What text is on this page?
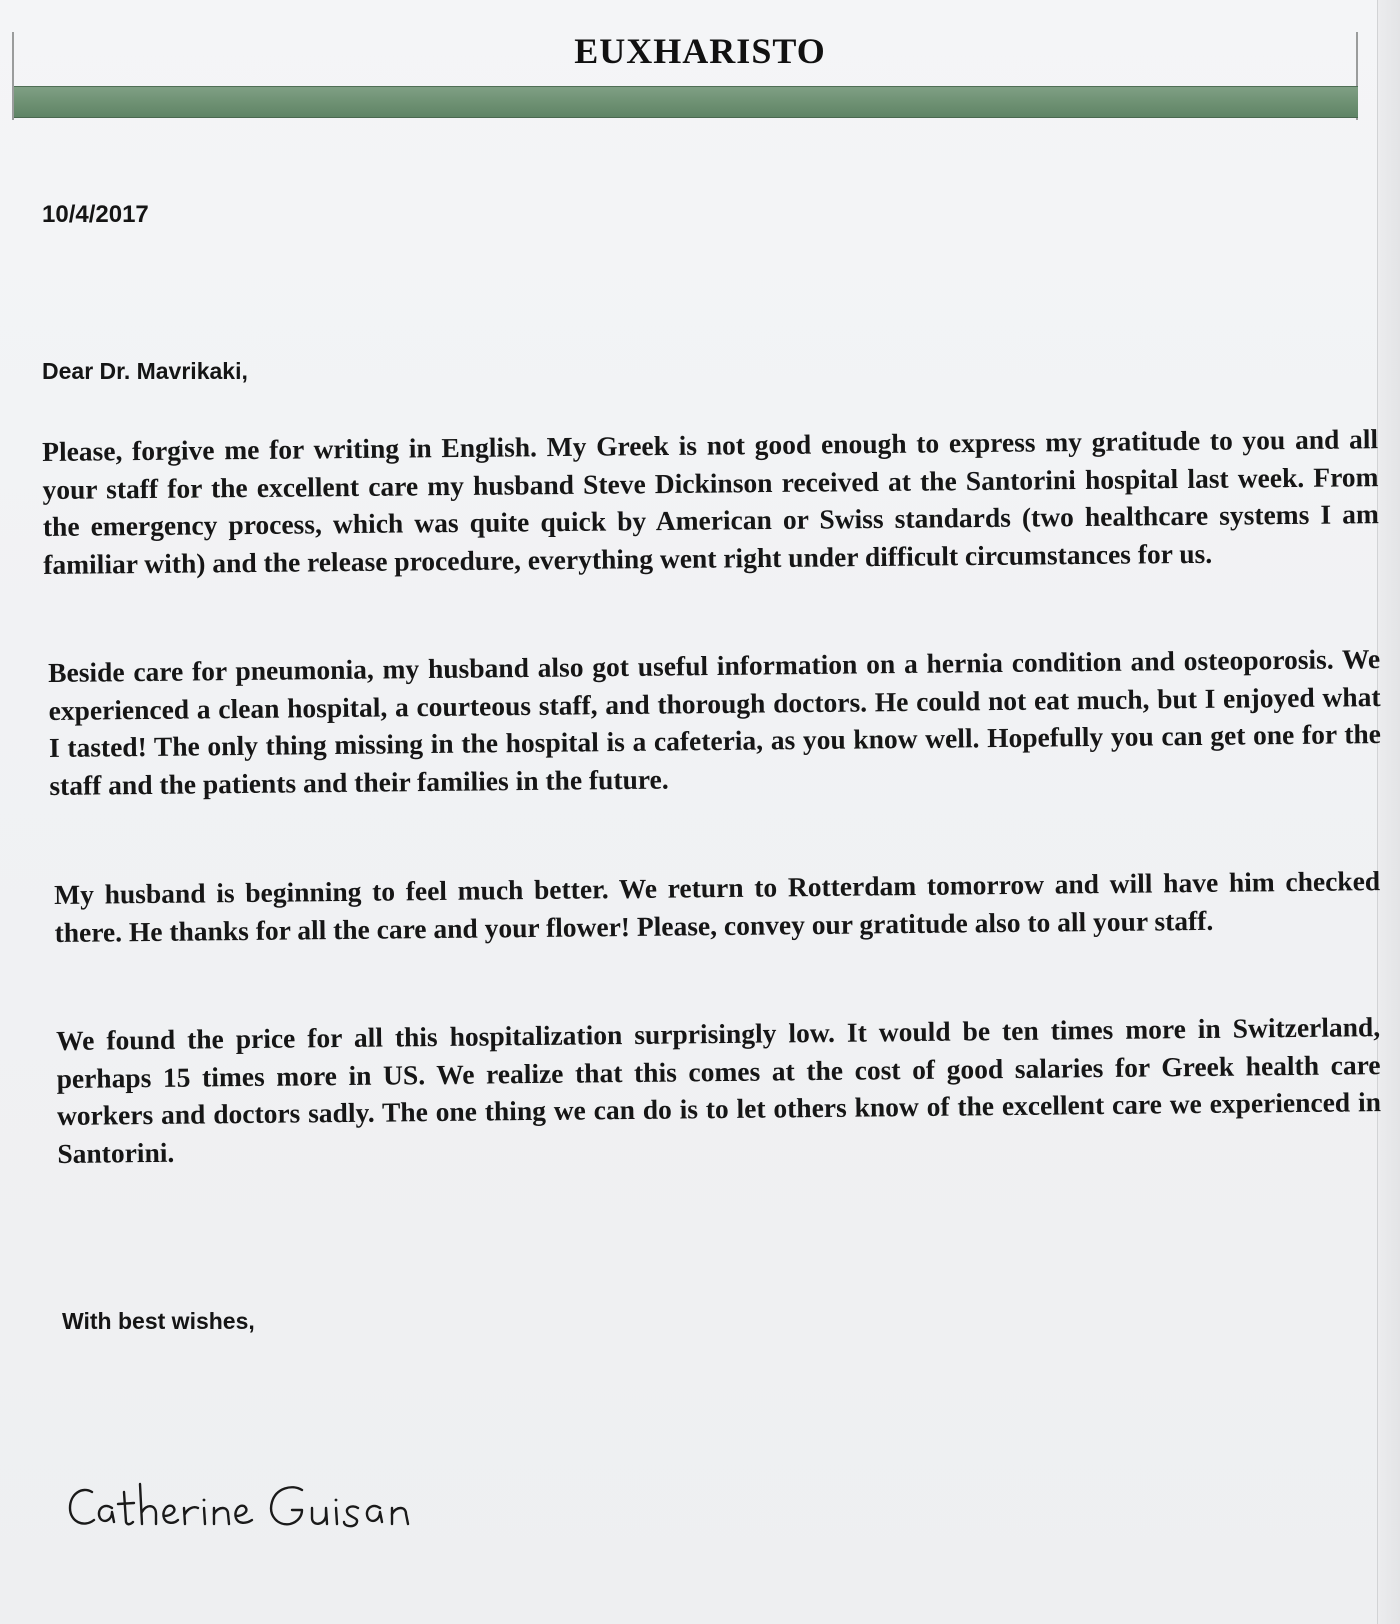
EUXHARISTO
10/4/2017
Dear Dr. Mavrikaki,

Please, forgive me for writing in English. My Greek is not good enough to express my gratitude to you and all your staff for the excellent care my husband Steve Dickinson received at the Santorini hospital last week. From the emergency process, which was quite quick by American or Swiss standards (two healthcare systems I am familiar with) and the release procedure, everything went right under difficult circumstances for us.

Beside care for pneumonia, my husband also got useful information on a hernia condition and osteoporosis. We experienced a clean hospital, a courteous staff, and thorough doctors. He could not eat much, but I enjoyed what I tasted! The only thing missing in the hospital is a cafeteria, as you know well. Hopefully you can get one for the staff and the patients and their families in the future.

My husband is beginning to feel much better. We return to Rotterdam tomorrow and will have him checked there. He thanks for all the care and your flower! Please, convey our gratitude also to all your staff.

We found the price for all this hospitalization surprisingly low. It would be ten times more in Switzerland, perhaps 15 times more in US. We realize that this comes at the cost of good salaries for Greek health care workers and doctors sadly. The one thing we can do is to let others know of the excellent care we experienced in Santorini.

With best wishes,
